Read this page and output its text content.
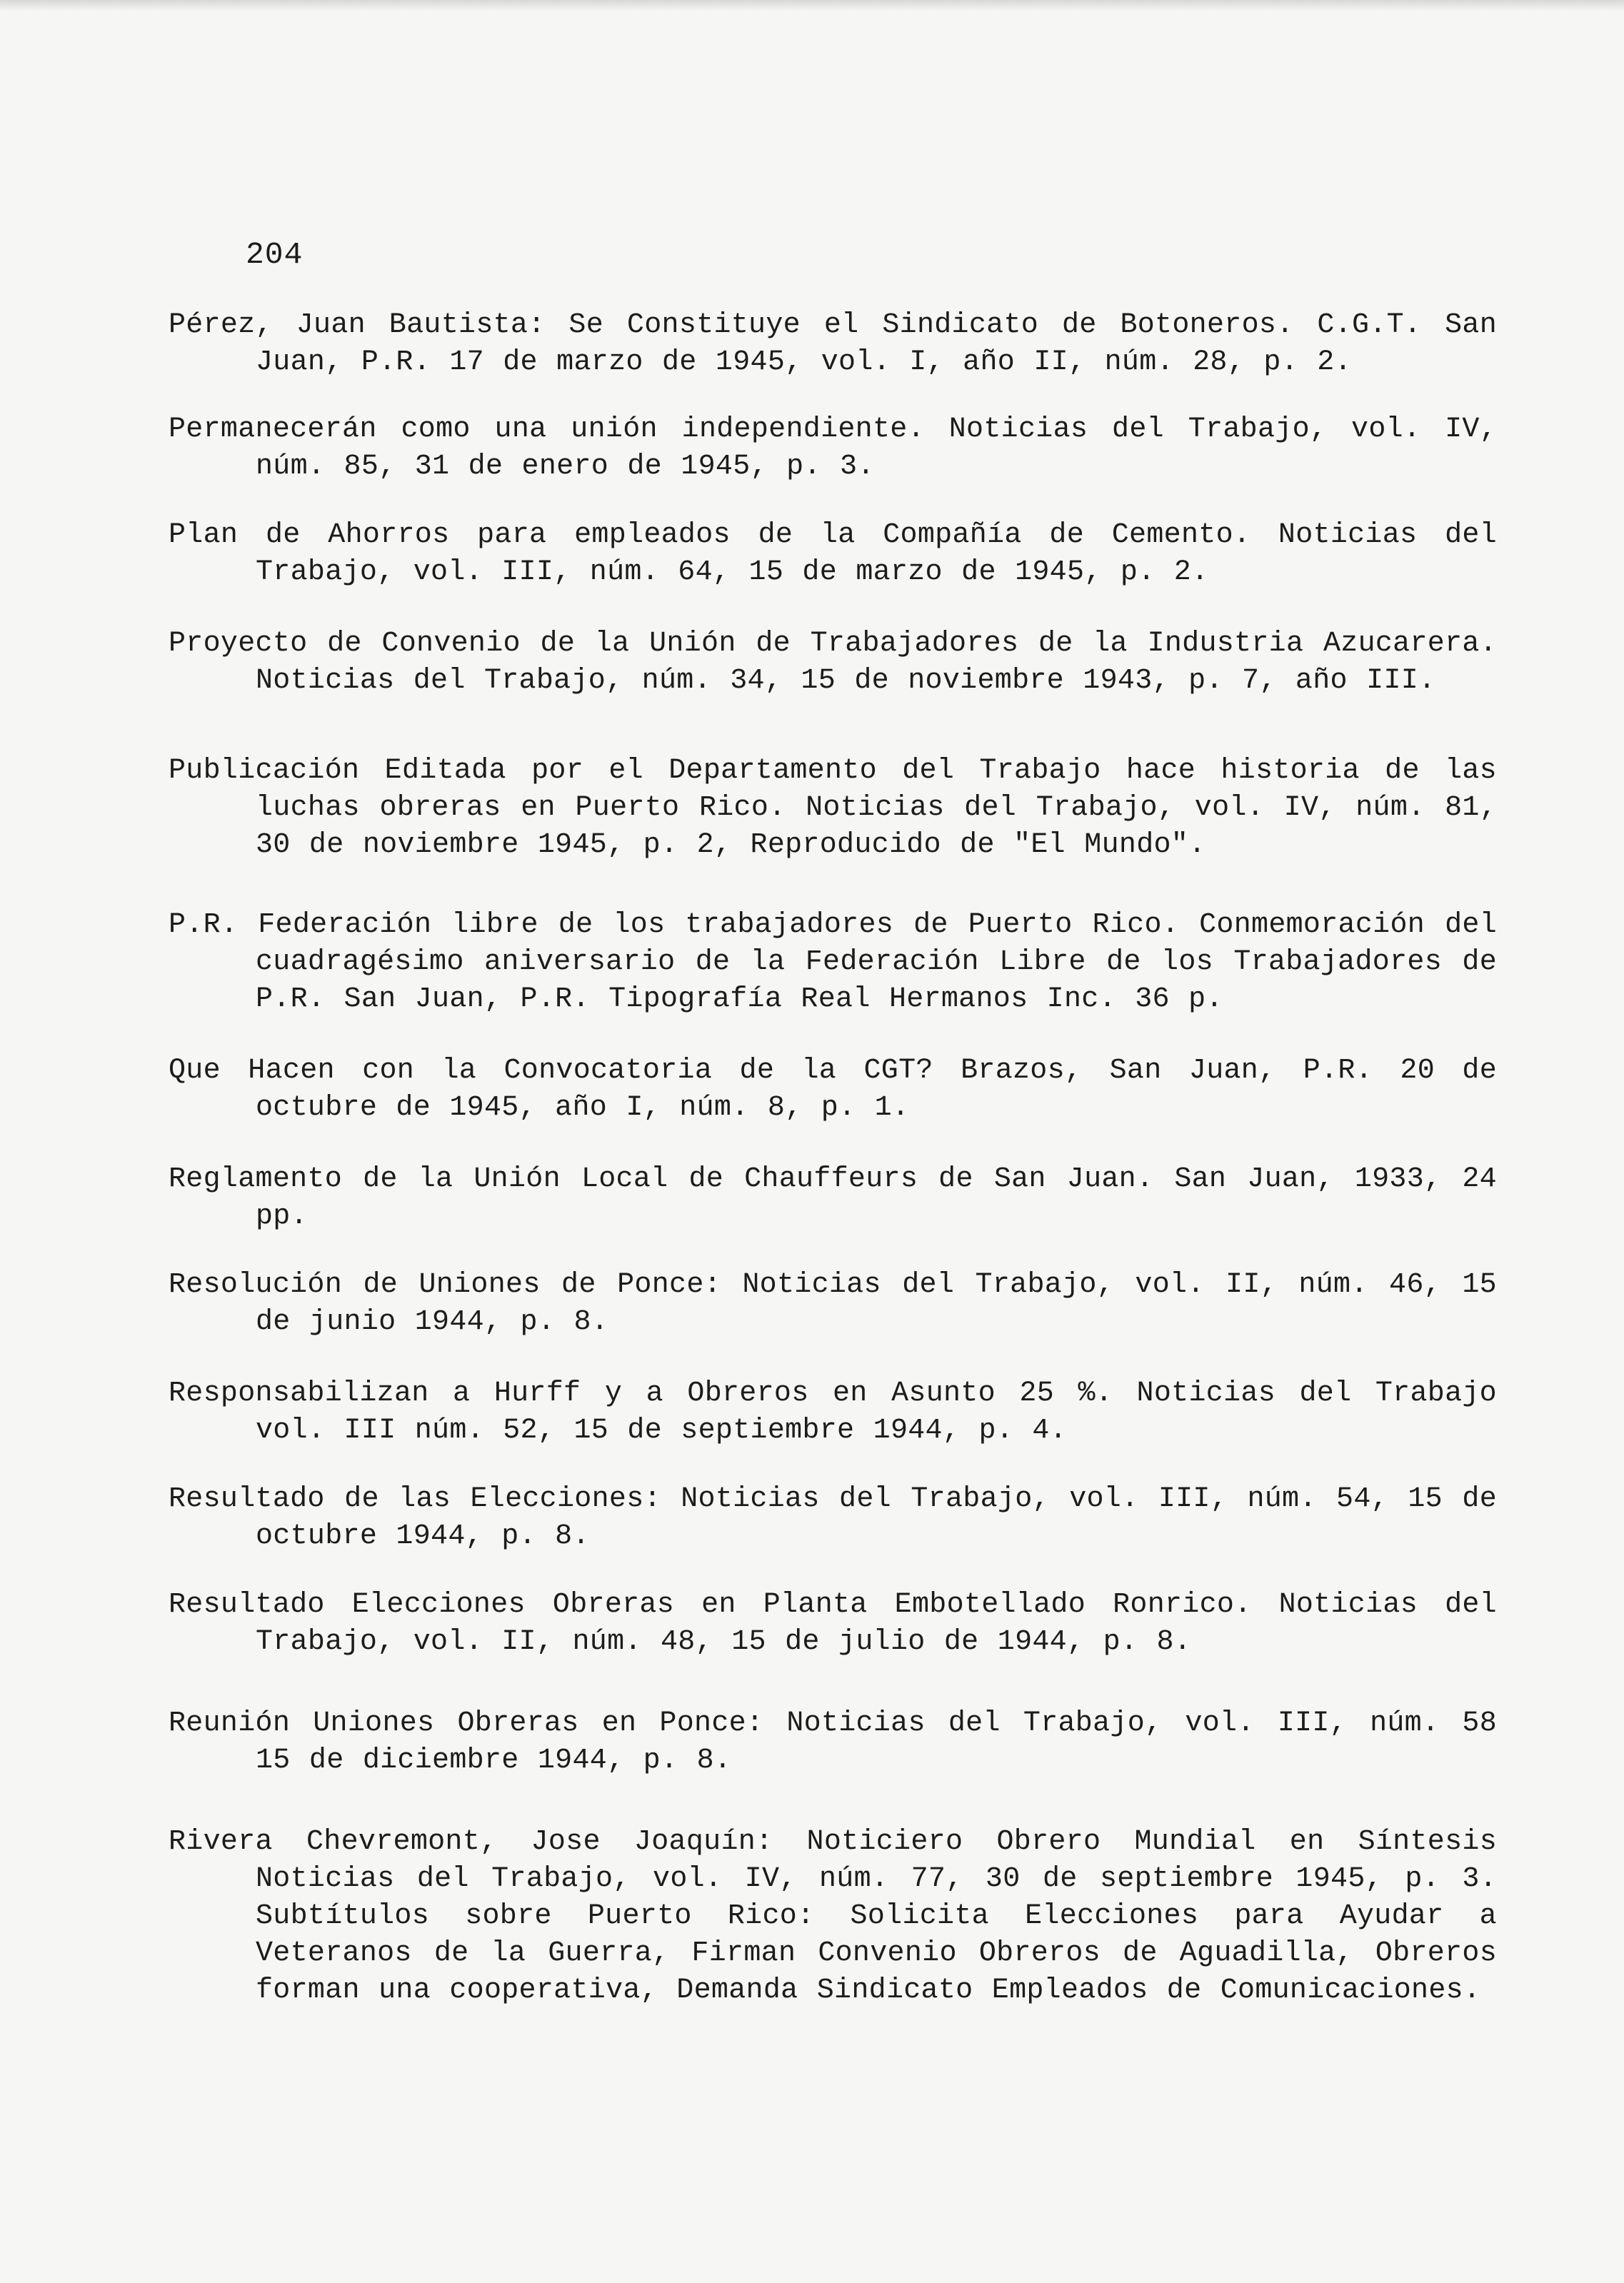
204
Pérez, Juan Bautista: Se Constituye el Sindicato de Botoneros. C.G.T. San Juan, P.R. 17 de marzo de 1945, vol. I, año II, núm. 28, p. 2.
Permanecerán como una unión independiente. Noticias del Trabajo, vol. IV, núm. 85, 31 de enero de 1945, p. 3.
Plan de Ahorros para empleados de la Compañía de Cemento. Noticias del Trabajo, vol. III, núm. 64, 15 de marzo de 1945, p. 2.
Proyecto de Convenio de la Unión de Trabajadores de la Industria Azucarera. Noticias del Trabajo, núm. 34, 15 de noviembre 1943, p. 7, año III.
Publicación Editada por el Departamento del Trabajo hace historia de las luchas obreras en Puerto Rico. Noticias del Trabajo, vol. IV, núm. 81, 30 de noviembre 1945, p. 2, Reproducido de "El Mundo".
P.R. Federación libre de los trabajadores de Puerto Rico. Conmemoración del cuadragésimo aniversario de la Federación Libre de los Trabajadores de P.R. San Juan, P.R. Tipografía Real Hermanos Inc. 36 p.
Que Hacen con la Convocatoria de la CGT? Brazos, San Juan, P.R. 20 de octubre de 1945, año I, núm. 8, p. 1.
Reglamento de la Unión Local de Chauffeurs de San Juan. San Juan, 1933, 24 pp.
Resolución de Uniones de Ponce: Noticias del Trabajo, vol. II, núm. 46, 15 de junio 1944, p. 8.
Responsabilizan a Hurff y a Obreros en Asunto 25 %. Noticias del Trabajo vol. III núm. 52, 15 de septiembre 1944, p. 4.
Resultado de las Elecciones: Noticias del Trabajo, vol. III, núm. 54, 15 de octubre 1944, p. 8.
Resultado Elecciones Obreras en Planta Embotellado Ronrico. Noticias del Trabajo, vol. II, núm. 48, 15 de julio de 1944, p. 8.
Reunión Uniones Obreras en Ponce: Noticias del Trabajo, vol. III, núm. 58 15 de diciembre 1944, p. 8.
Rivera Chevremont, Jose Joaquín: Noticiero Obrero Mundial en Síntesis Noticias del Trabajo, vol. IV, núm. 77, 30 de septiembre 1945, p. 3. Subtítulos sobre Puerto Rico: Solicita Elecciones para Ayudar a Veteranos de la Guerra, Firman Convenio Obreros de Aguadilla, Obreros forman una cooperativa, Demanda Sindicato Empleados de Comunicaciones.
